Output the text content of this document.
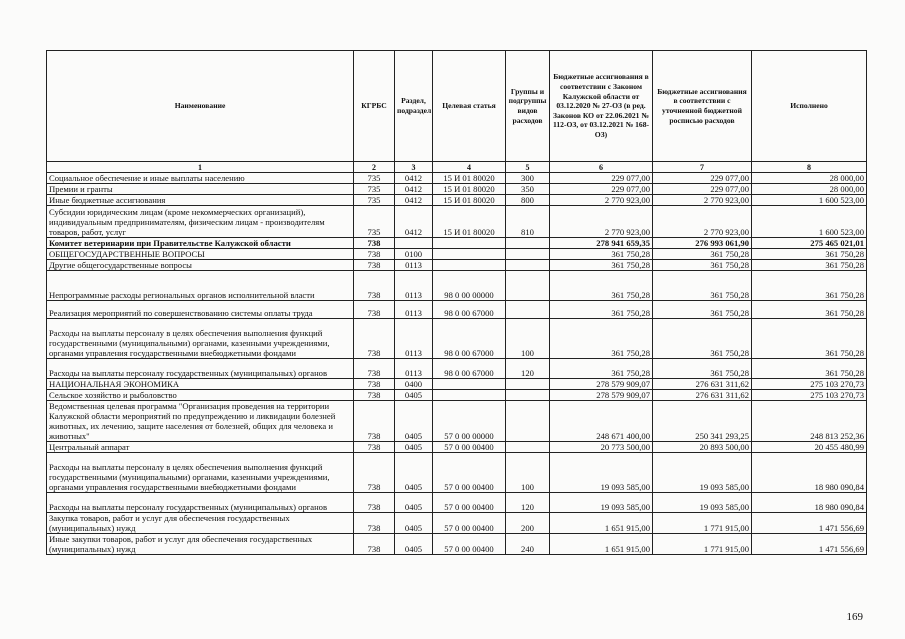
Наименование	КГРБС	Раздел, подраздел	Целевая статья	Группы и подгруппы видов расходов	Бюджетные ассигнования в соответствии с Законом Калужской области от 03.12.2020 № 27-ОЗ (в ред. Законов КО от 22.06.2021 № 112-ОЗ, от 03.12.2021 № 168-ОЗ)	Бюджетные ассигнования в соответствии с уточненной бюджетной росписью расходов	Исполнено
1	2	3	4	5	6	7	8
Социальное обеспечение и иные выплаты населению	735	0412	15 И 01 80020	300	229 077,00	229 077,00	28 000,00
Премии и гранты	735	0412	15 И 01 80020	350	229 077,00	229 077,00	28 000,00
Иные бюджетные ассигнования	735	0412	15 И 01 80020	800	2 770 923,00	2 770 923,00	1 600 523,00
Субсидии юридическим лицам (кроме некоммерческих организаций), индивидуальным предпринимателям, физическим лицам - производителям товаров, работ, услуг	735	0412	15 И 01 80020	810	2 770 923,00	2 770 923,00	1 600 523,00
Комитет ветеринарии при Правительстве Калужской области	738				278 941 659,35	276 993 061,90	275 465 021,01
ОБЩЕГОСУДАРСТВЕННЫЕ ВОПРОСЫ	738	0100			361 750,28	361 750,28	361 750,28
Другие общегосударственные вопросы	738	0113			361 750,28	361 750,28	361 750,28
Непрограммные расходы региональных органов исполнительной власти	738	0113	98 0 00 00000		361 750,28	361 750,28	361 750,28
Реализация мероприятий по совершенствованию системы оплаты труда	738	0113	98 0 00 67000		361 750,28	361 750,28	361 750,28
Расходы на выплаты персоналу в целях обеспечения выполнения функций государственными (муниципальными) органами, казенными учреждениями, органами управления государственными внебюджетными фондами	738	0113	98 0 00 67000	100	361 750,28	361 750,28	361 750,28
Расходы на выплаты персоналу государственных (муниципальных) органов	738	0113	98 0 00 67000	120	361 750,28	361 750,28	361 750,28
НАЦИОНАЛЬНАЯ ЭКОНОМИКА	738	0400			278 579 909,07	276 631 311,62	275 103 270,73
Сельское хозяйство и рыболовство	738	0405			278 579 909,07	276 631 311,62	275 103 270,73
Ведомственная целевая программа "Организация проведения на территории Калужской области мероприятий по предупреждению и ликвидации болезней животных, их лечению, защите населения от болезней, общих для человека и животных"	738	0405	57 0 00 00000		248 671 400,00	250 341 293,25	248 813 252,36
Центральный аппарат	738	0405	57 0 00 00400		20 773 500,00	20 893 500,00	20 455 480,99
Расходы на выплаты персоналу в целях обеспечения выполнения функций государственными (муниципальными) органами, казенными учреждениями, органами управления государственными внебюджетными фондами	738	0405	57 0 00 00400	100	19 093 585,00	19 093 585,00	18 980 090,84
Расходы на выплаты персоналу государственных (муниципальных) органов	738	0405	57 0 00 00400	120	19 093 585,00	19 093 585,00	18 980 090,84
Закупка товаров, работ и услуг для обеспечения государственных (муниципальных) нужд	738	0405	57 0 00 00400	200	1 651 915,00	1 771 915,00	1 471 556,69
Иные закупки товаров, работ и услуг для обеспечения государственных (муниципальных) нужд	738	0405	57 0 00 00400	240	1 651 915,00	1 771 915,00	1 471 556,69
169
